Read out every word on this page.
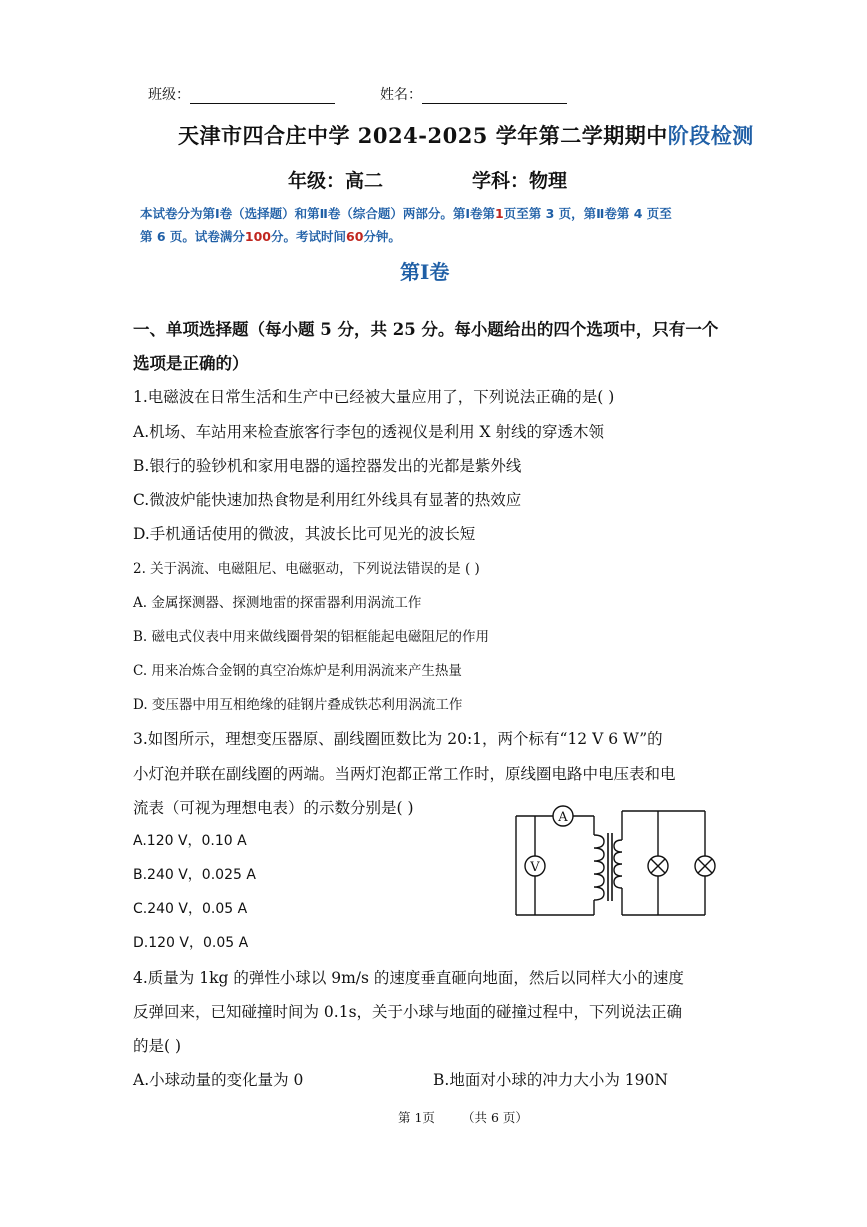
班级：	姓名：
天津市四合庄中学 2024-2025 学年第二学期期中阶段检测
年级：高二	学科：物理
本试卷分为第Ⅰ卷（选择题）和第Ⅱ卷（综合题）两部分。第Ⅰ卷第1页至第 3 页，第Ⅱ卷第 4 页至
第 6 页。试卷满分100分。考试时间60分钟。
第Ⅰ卷
一、单项选择题（每小题 5 分，共 25 分。每小题给出的四个选项中，只有一个
选项是正确的）
1.电磁波在日常生活和生产中已经被大量应用了，下列说法正确的是( )
A.机场、车站用来检查旅客行李包的透视仪是利用 X 射线的穿透木领
B.银行的验钞机和家用电器的遥控器发出的光都是紫外线
C.微波炉能快速加热食物是利用红外线具有显著的热效应
D.手机通话使用的微波，其波长比可见光的波长短
2. 关于涡流、电磁阻尼、电磁驱动，下列说法错误的是 ( )
A. 金属探测器、探测地雷的探雷器利用涡流工作
B. 磁电式仪表中用来做线圈骨架的铝框能起电磁阻尼的作用
C. 用来冶炼合金钢的真空冶炼炉是利用涡流来产生热量
D. 变压器中用互相绝缘的硅钢片叠成铁芯利用涡流工作
3.如图所示，理想变压器原、副线圈匝数比为 20:1，两个标有“12 V 6 W”的
小灯泡并联在副线圈的两端。当两灯泡都正常工作时，原线圈电路中电压表和电
流表（可视为理想电表）的示数分别是( )
A.120 V，0.10 A
B.240 V，0.025 A
C.240 V，0.05 A
D.120 V，0.05 A
A
V
4.质量为 1kg 的弹性小球以 9m/s 的速度垂直砸向地面，然后以同样大小的速度
反弹回来，已知碰撞时间为 0.1s，关于小球与地面的碰撞过程中，下列说法正确
的是( )
A.小球动量的变化量为 0	B.地面对小球的冲力大小为 190N
第 1页 （共 6 页）
